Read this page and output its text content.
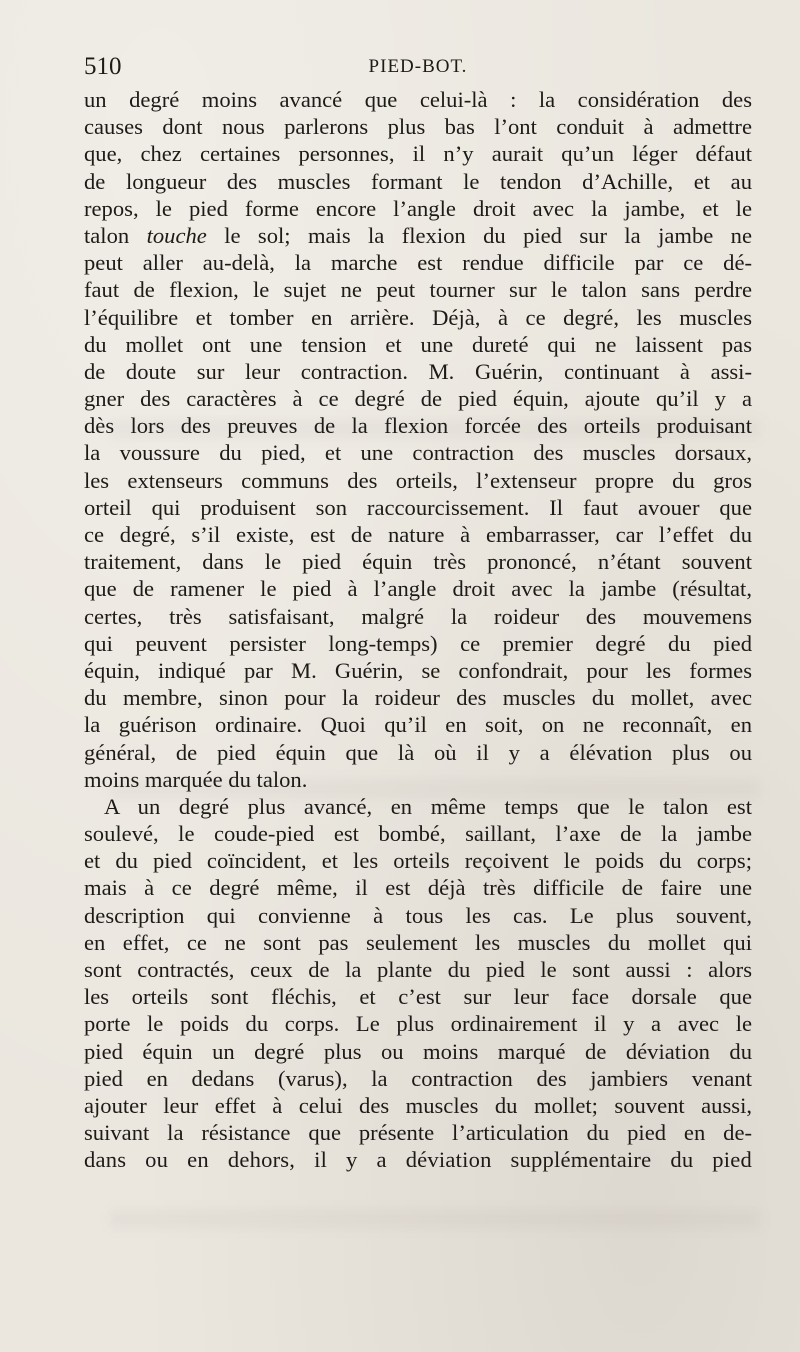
510	PIED-BOT.
un degré moins avancé que celui-là : la considération des
causes dont nous parlerons plus bas l’ont conduit à admettre
que, chez certaines personnes, il n’y aurait qu’un léger défaut
de longueur des muscles formant le tendon d’Achille, et au
repos, le pied forme encore l’angle droit avec la jambe, et le
talon touche le sol; mais la flexion du pied sur la jambe ne
peut aller au-delà, la marche est rendue difficile par ce dé-
faut de flexion, le sujet ne peut tourner sur le talon sans perdre
l’équilibre et tomber en arrière. Déjà, à ce degré, les muscles
du mollet ont une tension et une dureté qui ne laissent pas
de doute sur leur contraction. M. Guérin, continuant à assi-
gner des caractères à ce degré de pied équin, ajoute qu’il y a
dès lors des preuves de la flexion forcée des orteils produisant
la voussure du pied, et une contraction des muscles dorsaux,
les extenseurs communs des orteils, l’extenseur propre du gros
orteil qui produisent son raccourcissement. Il faut avouer que
ce degré, s’il existe, est de nature à embarrasser, car l’effet du
traitement, dans le pied équin très prononcé, n’étant souvent
que de ramener le pied à l’angle droit avec la jambe (résultat,
certes, très satisfaisant, malgré la roideur des mouvemens
qui peuvent persister long-temps) ce premier degré du pied
équin, indiqué par M. Guérin, se confondrait, pour les formes
du membre, sinon pour la roideur des muscles du mollet, avec
la guérison ordinaire. Quoi qu’il en soit, on ne reconnaît, en
général, de pied équin que là où il y a élévation plus ou
moins marquée du talon.
A un degré plus avancé, en même temps que le talon est
soulevé, le coude-pied est bombé, saillant, l’axe de la jambe
et du pied coïncident, et les orteils reçoivent le poids du corps;
mais à ce degré même, il est déjà très difficile de faire une
description qui convienne à tous les cas. Le plus souvent,
en effet, ce ne sont pas seulement les muscles du mollet qui
sont contractés, ceux de la plante du pied le sont aussi : alors
les orteils sont fléchis, et c’est sur leur face dorsale que
porte le poids du corps. Le plus ordinairement il y a avec le
pied équin un degré plus ou moins marqué de déviation du
pied en dedans (varus), la contraction des jambiers venant
ajouter leur effet à celui des muscles du mollet; souvent aussi,
suivant la résistance que présente l’articulation du pied en de-
dans ou en dehors, il y a déviation supplémentaire du pied
